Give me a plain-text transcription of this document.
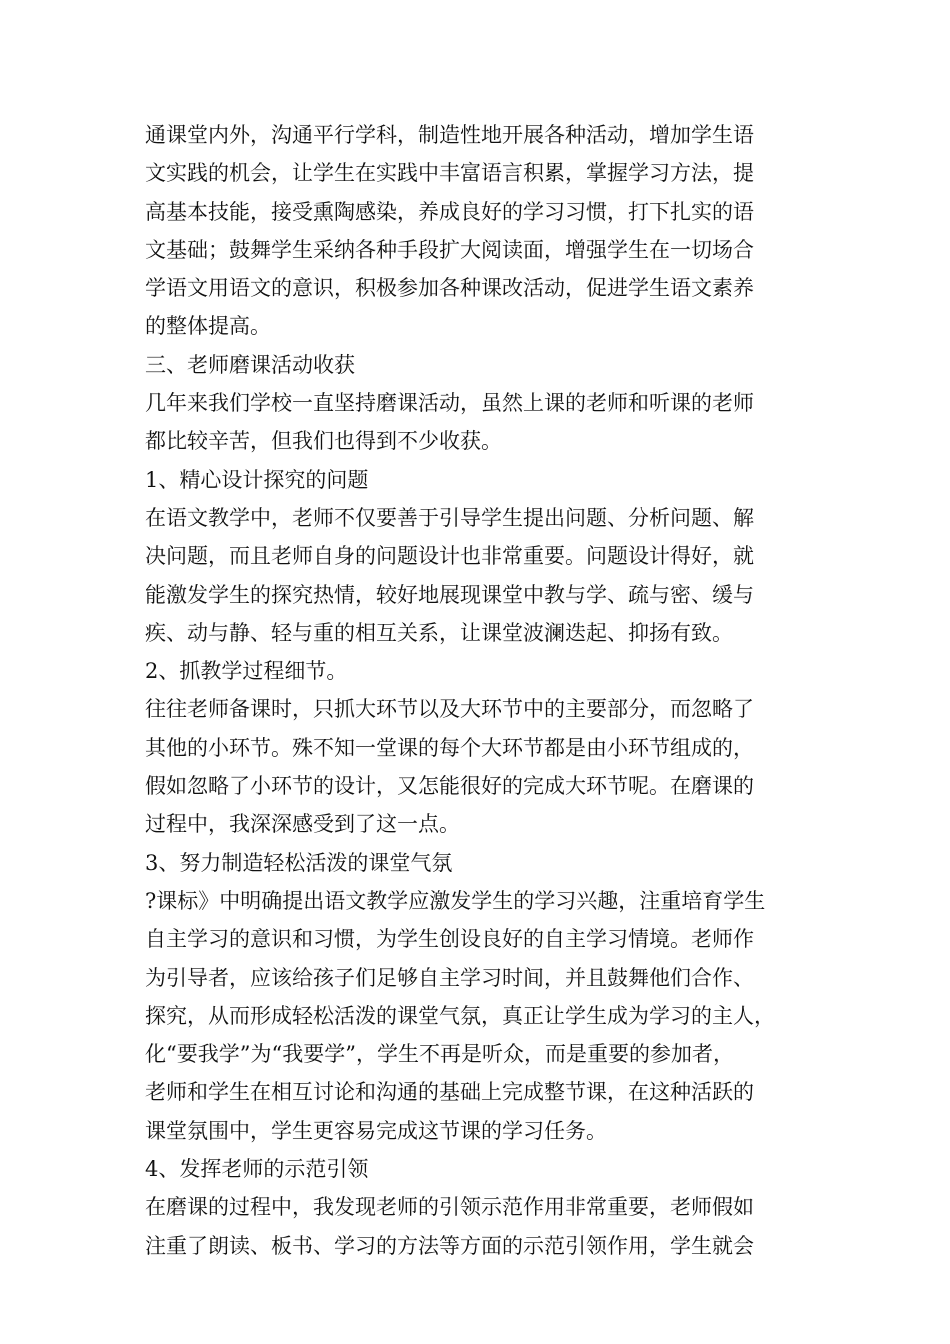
通课堂内外，沟通平行学科，制造性地开展各种活动，增加学生语
文实践的机会，让学生在实践中丰富语言积累，掌握学习方法，提
高基本技能，接受熏陶感染，养成良好的学习习惯，打下扎实的语
文基础；鼓舞学生采纳各种手段扩大阅读面，增强学生在一切场合
学语文用语文的意识，积极参加各种课改活动，促进学生语文素养
的整体提高。
三、老师磨课活动收获
几年来我们学校一直坚持磨课活动，虽然上课的老师和听课的老师
都比较辛苦，但我们也得到不少收获。
1、精心设计探究的问题
在语文教学中，老师不仅要善于引导学生提出问题、分析问题、解
决问题，而且老师自身的问题设计也非常重要。问题设计得好，就
能激发学生的探究热情，较好地展现课堂中教与学、疏与密、缓与
疾、动与静、轻与重的相互关系，让课堂波澜迭起、抑扬有致。
2、抓教学过程细节。
往往老师备课时，只抓大环节以及大环节中的主要部分，而忽略了
其他的小环节。殊不知一堂课的每个大环节都是由小环节组成的，
假如忽略了小环节的设计，又怎能很好的完成大环节呢。在磨课的
过程中，我深深感受到了这一点。
3、努力制造轻松活泼的课堂气氛
?课标》中明确提出语文教学应激发学生的学习兴趣，注重培育学生
自主学习的意识和习惯，为学生创设良好的自主学习情境。老师作
为引导者，应该给孩子们足够自主学习时间，并且鼓舞他们合作、
探究，从而形成轻松活泼的课堂气氛，真正让学生成为学习的主人，
化“要我学”为“我要学”，学生不再是听众，而是重要的参加者，
老师和学生在相互讨论和沟通的基础上完成整节课，在这种活跃的
课堂氛围中，学生更容易完成这节课的学习任务。
4、发挥老师的示范引领
在磨课的过程中，我发现老师的引领示范作用非常重要，老师假如
注重了朗读、板书、学习的方法等方面的示范引领作用，学生就会
